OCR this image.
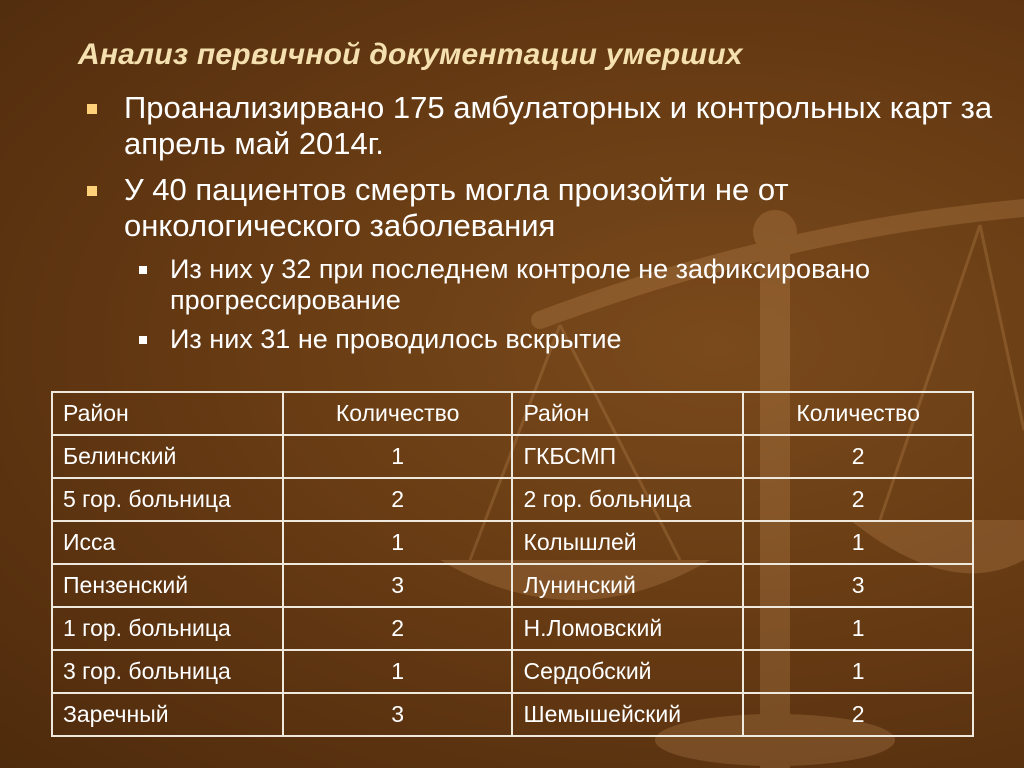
Анализ первичной документации умерших
Проанализирвано 175 амбулаторных и контрольных карт за апрель май 2014г.
У 40 пациентов смерть могла произойти не от онкологического заболевания
Из них у 32 при последнем контроле не зафиксировано прогрессирование
Из них 31 не проводилось вскрытие
Район	Количество	Район	Количество
Белинский	1	ГКБСМП	2
5 гор. больница	2	2 гор. больница	2
Исса	1	Колышлей	1
Пензенский	3	Лунинский	3
1 гор. больница	2	Н.Ломовский	1
3 гор. больница	1	Сердобский	1
Заречный	3	Шемышейский	2
